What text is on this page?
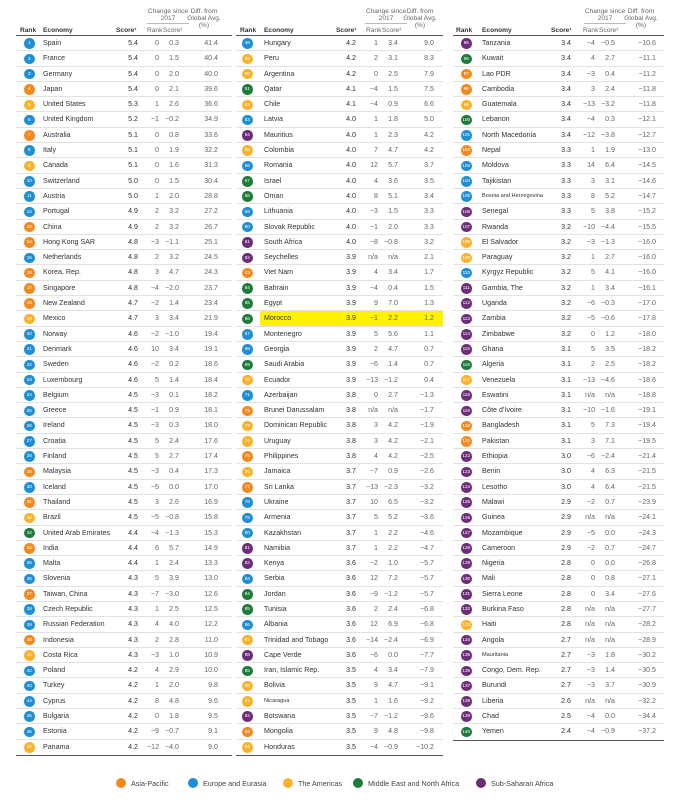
Change since 2017
Diff. from Global Avg. (%)
Rank Economy	Score¹ Rank Score²
1	Spain	5.4	0	0.3	41.4
2	France	5.4	0	1.5	40.4
3	Germany	5.4	0	2.0	40.0
4	Japan	5.4	0	2.1	39.6
5	United States	5.3	1	2.6	36.6
6	United Kingdom	5.2	−1 −0.2	34.9
7	Australia	5.1	0	0.8	33.6
8	Italy	5.1	0	1.9	32.2
9	Canada	5.1	0	1.6	31.3
10	Switzerland	5.0	0	1.5	30.4
11	Austria	5.0	1	2.0	28.8
12	Portugal	4.9	2	3.2	27.2
13	China	4.9	2	3.2	26.7
14	Hong Kong SAR	4.8	−3 −1.1	25.1
15	Netherlands	4.8	2	3.2	24.5
16	Korea, Rep.	4.8	3	4.7	24.3
17	Singapore	4.8	−4 −2.0	23.7
18	New Zealand	4.7	−2	1.4	23.4
19	Mexico	4.7	3	3.4	21.9
20	Norway	4.6	−2 −1.0	19.4
21	Denmark	4.6	10	3.4	19.1
22	Sweden	4.6	−2	0.2	18.6
23	Luxembourg	4.6	5	1.4	18.4
24	Belgium	4.5	−3	0.1	18.2
25	Greece	4.5	−1	0.9	18.1
26	Ireland	4.5	−3	0.3	18.0
27	Croatia	4.5	5	2.4	17.6
28	Finland	4.5	5	2.7	17.4
29	Malaysia	4.5	−3	0.4	17.3
30	Iceland	4.5	−5	0.0	17.0
31	Thailand	4.5	3	2.6	16.9
32	Brazil	4.5	−5 −0.8	15.8
33	United Arab Emirates	4.4	−4 −1.3	15.3
34	India	4.4	6	5.7	14.9
35	Malta	4.4	1	2.4	13.3
36	Slovenia	4.3	5	3.9	13.0
37	Taiwan, China	4.3	−7 −3.0	12.6
38	Czech Republic	4.3	1	2.5	12.5
39	Russian Federation	4.3	4	4.0	12.2
40	Indonesia	4.3	2	2.8	11.0
41	Costa Rica	4.3	−3	1.0	10.9
42	Poland	4.2	4	2.9	10.0
43	Turkey	4.2	1	2.0	9.8
44	Cyprus	4.2	8	4.8	9.6
45	Bulgaria	4.2	0	1.8	9.5
46	Estonia	4.2	−9 −0.7	9.1
47	Panama	4.2 −12 −4.0	9.0
Change since 2017
Diff. from Global Avg. (%)
Rank Economy	Score¹ Rank Score²
48	Hungary	4.2	1	3.4	9.0
49	Peru	4.2	2	3.1	8.3
50	Argentina	4.2	0	2.5	7.9
51	Qatar	4.1	−4	1.5	7.5
52	Chile	4.1	−4	0.9	6.6
53	Latvia	4.0	1	1.8	5.0
54	Mauritius	4.0	1	2.3	4.2
55	Colombia	4.0	7	4.7	4.2
56	Romania	4.0	12	5.7	3.7
57	Israel	4.0	4	3.6	3.5
58	Oman	4.0	8	5.1	3.4
59	Lithuania	4.0	−3	1.5	3.3
60	Slovak Republic	4.0	−1	2.0	3.3
61	South Africa	4.0	−8 −0.8	3.2
62	Seychelles	3.9 n/a	n/a	2.1
63	Viet Nam	3.9	4	3.4	1.7
64	Bahrain	3.9	−4	0.4	1.5
65	Egypt	3.9	9	7.0	1.3
66	Morocco	3.9	−1	2.2	1.2
67	Montenegro	3.9	5	5.6	1.1
68	Georgia	3.9	2	4.7	0.7
69	Saudi Arabia	3.9	−6	1.4	0.7
70	Ecuador	3.9 −13 −1.2	0.4
71	Azerbaijan	3.8	0	2.7	−1.3
72	Brunei Darussalam	3.8 n/a	n/a	−1.7
73	Dominican Republic	3.8	3	4.2	−1.9
74	Uruguay	3.8	3	4.2	−2.1
75	Philippines	3.8	4	4.2	−2.5
76	Jamaica	3.7	−7	0.9	−2.6
77	Sri Lanka	3.7 −13 −2.3	−3.2
78	Ukraine	3.7	10	6.5	−3.2
79	Armenia	3.7	5	5.2	−3.6
80	Kazakhstan	3.7	1	2.2	−4.6
81	Namibia	3.7	1	2.2	−4.7
82	Kenya	3.6	−2	1.0	−5.7
83	Serbia	3.6	12	7.2	−5.7
84	Jordan	3.6	−9 −1.2	−5.7
85	Tunisia	3.6	2	2.4	−6.8
86	Albania	3.6	12	6.9	−6.8
87	Trinidad and Tobago	3.6 −14 −2.4	−6.9
88	Cape Verde	3.6	−6	0.0	−7.7
89	Iran, Islamic Rep.	3.5	4	3.4	−7.9
90	Bolivia	3.5	9	4.7	−9.1
91	Nicaragua	3.5	1	1.6	−9.2
92	Botswana	3.5	−7 −1.2	−9.6
93	Mongolia	3.5	9	4.8	−9.8
94	Honduras	3.5	−4 −0.9	−10.2
Change since 2017
Diff. from Global Avg. (%)
Rank Economy	Score¹ Rank Score²
95	Tanzania	3.4	−4 −0.5	−10.6
96	Kuwait	3.4	4	2.7	−11.1
97	Lao PDR	3.4	−3	0.4	−11.2
98	Cambodia	3.4	3	2.4	−11.8
99	Guatemala	3.4 −13 −3.2	−11.8
100 Lebanon	3.4	−4	0.3	−12.1
101 North Macedonia	3.4 −12 −3.8	−12.7
102 Nepal	3.3	1	1.9	−13.0
103 Moldova	3.3	14	6.4	−14.5
104 Tajikistan	3.3	3	3.1	−14.6
105 Bosnia and Herzegovina	3.3	8	5.2	−14.7
106 Senegal	3.3	5	3.8	−15.2
107 Rwanda	3.2 −10 −4.4	−15.5
108 El Salvador	3.2	−3 −1.3	−16.0
109 Paraguay	3.2	1	2.7	−16.0
110 Kyrgyz Republic	3.2	5	4.1	−16.0
111 Gambia, The	3.2	1	3.4	−16.1
112 Uganda	3.2	−6 −0.3	−17.0
113 Zambia	3.2	−5 −0.6	−17.8
114 Zimbabwe	3.2	0	1.2	−18.0
115 Ghana	3.1	5	3.5	−18.2
116 Algeria	3.1	2	2.5	−18.2
117 Venezuela	3.1 −13 −4.6	−18.6
118 Eswatini	3.1 n/a	n/a	−18.8
119 Côte d’Ivoire	3.1 −10 −1.6	−19.1
120 Bangladesh	3.1	5	7.3	−19.4
121 Pakistan	3.1	3	7.1	−19.5
122 Ethiopia	3.0	−6 −2.4	−21.4
123 Benin	3.0	4	6.3	−21.5
124 Lesotho	3.0	4	6.4	−21.5
125 Malawi	2.9	−2	0.7	−23.9
126 Guinea	2.9 n/a	n/a	−24.1
127 Mozambique	2.9	−5	0.0	−24.3
128 Cameroon	2.9	−2	0.7	−24.7
129 Nigeria	2.8	0	0.0	−26.8
130 Mali	2.8	0	0.8	−27.1
131 Sierra Leone	2.8	0	3.4	−27.6
132 Burkina Faso	2.8 n/a	n/a	−27.7
133 Haiti	2.8 n/a	n/a	−28.2
134 Angola	2.7 n/a	n/a	−28.9
135 Mauritania	2.7	−3	1.8	−30.2
136 Congo, Dem. Rep.	2.7	−3	1.4	−30.5
137 Burundi	2.7	−3	3.7	−30.9
138 Liberia	2.6 n/a	n/a	−32.2
139 Chad	2.5	−4	0.0	−34.4
140 Yemen	2.4	−4 −0.9	−37.2
Asia-Pacific	Europe and Eurasia	The Americas	Middle East and North Africa	Sub-Saharan Africa
